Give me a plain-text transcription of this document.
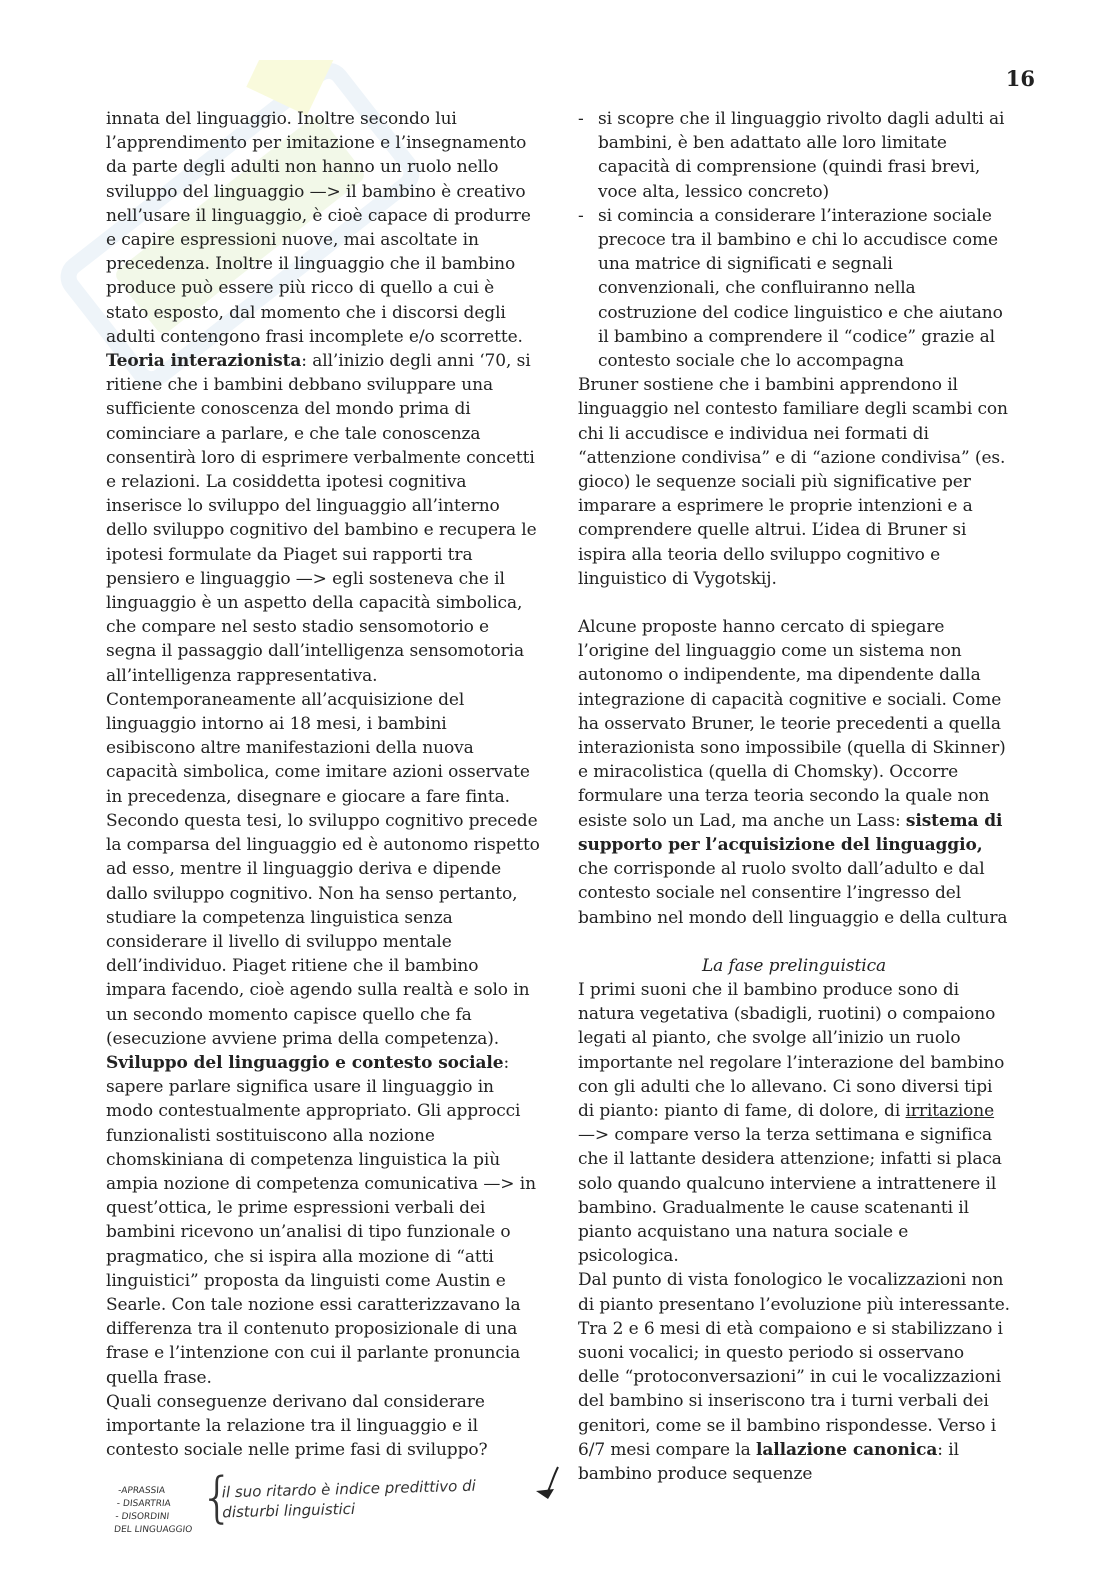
16

innata del linguaggio. Inoltre secondo lui l’apprendimento per imitazione e l’insegnamento da parte degli adulti non hanno un ruolo nello sviluppo del linguaggio —> il bambino è creativo nell’usare il linguaggio, è cioè capace di produrre e capire espressioni nuove, mai ascoltate in precedenza. Inoltre il linguaggio che il bambino produce può essere più ricco di quello a cui è stato esposto, dal momento che i discorsi degli adulti contengono frasi incomplete e/o scorrette.

Teoria interazionista: all’inizio degli anni ‘70, si ritiene che i bambini debbano sviluppare una sufficiente conoscenza del mondo prima di cominciare a parlare, e che tale conoscenza consentirà loro di esprimere verbalmente concetti e relazioni. La cosiddetta ipotesi cognitiva inserisce lo sviluppo del linguaggio all’interno dello sviluppo cognitivo del bambino e recupera le ipotesi formulate da Piaget sui rapporti tra pensiero e linguaggio —> egli sosteneva che il linguaggio è un aspetto della capacità simbolica, che compare nel sesto stadio sensomotorio e segna il passaggio dall’intelligenza sensomotoria all’intelligenza rappresentativa.

Contemporaneamente all’acquisizione del linguaggio intorno ai 18 mesi, i bambini esibiscono altre manifestazioni della nuova capacità simbolica, come imitare azioni osservate in precedenza, disegnare e giocare a fare finta. Secondo questa tesi, lo sviluppo cognitivo precede la comparsa del linguaggio ed è autonomo rispetto ad esso, mentre il linguaggio deriva e dipende dallo sviluppo cognitivo. Non ha senso pertanto, studiare la competenza linguistica senza considerare il livello di sviluppo mentale dell’individuo. Piaget ritiene che il bambino impara facendo, cioè agendo sulla realtà e solo in un secondo momento capisce quello che fa (esecuzione avviene prima della competenza).

Sviluppo del linguaggio e contesto sociale: sapere parlare significa usare il linguaggio in modo contestualmente appropriato. Gli approcci funzionalisti sostituiscono alla nozione chomskiniana di competenza linguistica la più ampia nozione di competenza comunicativa —> in quest’ottica, le prime espressioni verbali dei bambini ricevono un’analisi di tipo funzionale o pragmatico, che si ispira alla mozione di “atti linguistici” proposta da linguisti come Austin e Searle. Con tale nozione essi caratterizzavano la differenza tra il contenuto proposizionale di una frase e l’intenzione con cui il parlante pronuncia quella frase.

Quali conseguenze derivano dal considerare importante la relazione tra il linguaggio e il contesto sociale nelle prime fasi di sviluppo?

- si scopre che il linguaggio rivolto dagli adulti ai bambini, è ben adattato alle loro limitate capacità di comprensione (quindi frasi brevi, voce alta, lessico concreto)
- si comincia a considerare l’interazione sociale precoce tra il bambino e chi lo accudisce come una matrice di significati e segnali convenzionali, che confluiranno nella costruzione del codice linguistico e che aiutano il bambino a comprendere il “codice” grazie al contesto sociale che lo accompagna

Bruner sostiene che i bambini apprendono il linguaggio nel contesto familiare degli scambi con chi li accudisce e individua nei formati di “attenzione condivisa” e di “azione condivisa” (es. gioco) le sequenze sociali più significative per imparare a esprimere le proprie intenzioni e a comprendere quelle altrui. L’idea di Bruner si ispira alla teoria dello sviluppo cognitivo e linguistico di Vygotskij.

Alcune proposte hanno cercato di spiegare l’origine del linguaggio come un sistema non autonomo o indipendente, ma dipendente dalla integrazione di capacità cognitive e sociali. Come ha osservato Bruner, le teorie precedenti a quella interazionista sono impossibile (quella di Skinner) e miracolistica (quella di Chomsky). Occorre formulare una terza teoria secondo la quale non esiste solo un Lad, ma anche un Lass: sistema di supporto per l’acquisizione del linguaggio, che corrisponde al ruolo svolto dall’adulto e dal contesto sociale nel consentire l’ingresso del bambino nel mondo dell linguaggio e della cultura

La fase prelinguistica

I primi suoni che il bambino produce sono di natura vegetativa (sbadigli, ruotini) o compaiono legati al pianto, che svolge all’inizio un ruolo importante nel regolare l’interazione del bambino con gli adulti che lo allevano. Ci sono diversi tipi di pianto: pianto di fame, di dolore, di irritazione —> compare verso la terza settimana e significa che il lattante desidera attenzione; infatti si placa solo quando qualcuno interviene a intrattenere il bambino. Gradualmente le cause scatenanti il pianto acquistano una natura sociale e psicologica.

Dal punto di vista fonologico le vocalizzazioni non di pianto presentano l’evoluzione più interessante. Tra 2 e 6 mesi di età compaiono e si stabilizzano i suoni vocalici; in questo periodo si osservano delle “protoconversazioni” in cui le vocalizzazioni del bambino si inseriscono tra i turni verbali dei genitori, come se il bambino rispondesse. Verso i 6/7 mesi compare la lallazione canonica: il bambino produce sequenze

-APRASSIA
- DISARTRIA
- DISORDINI
DEL LINGUAGGIO
{
il suo ritardo è indice predittivo di
disturbi linguistici
